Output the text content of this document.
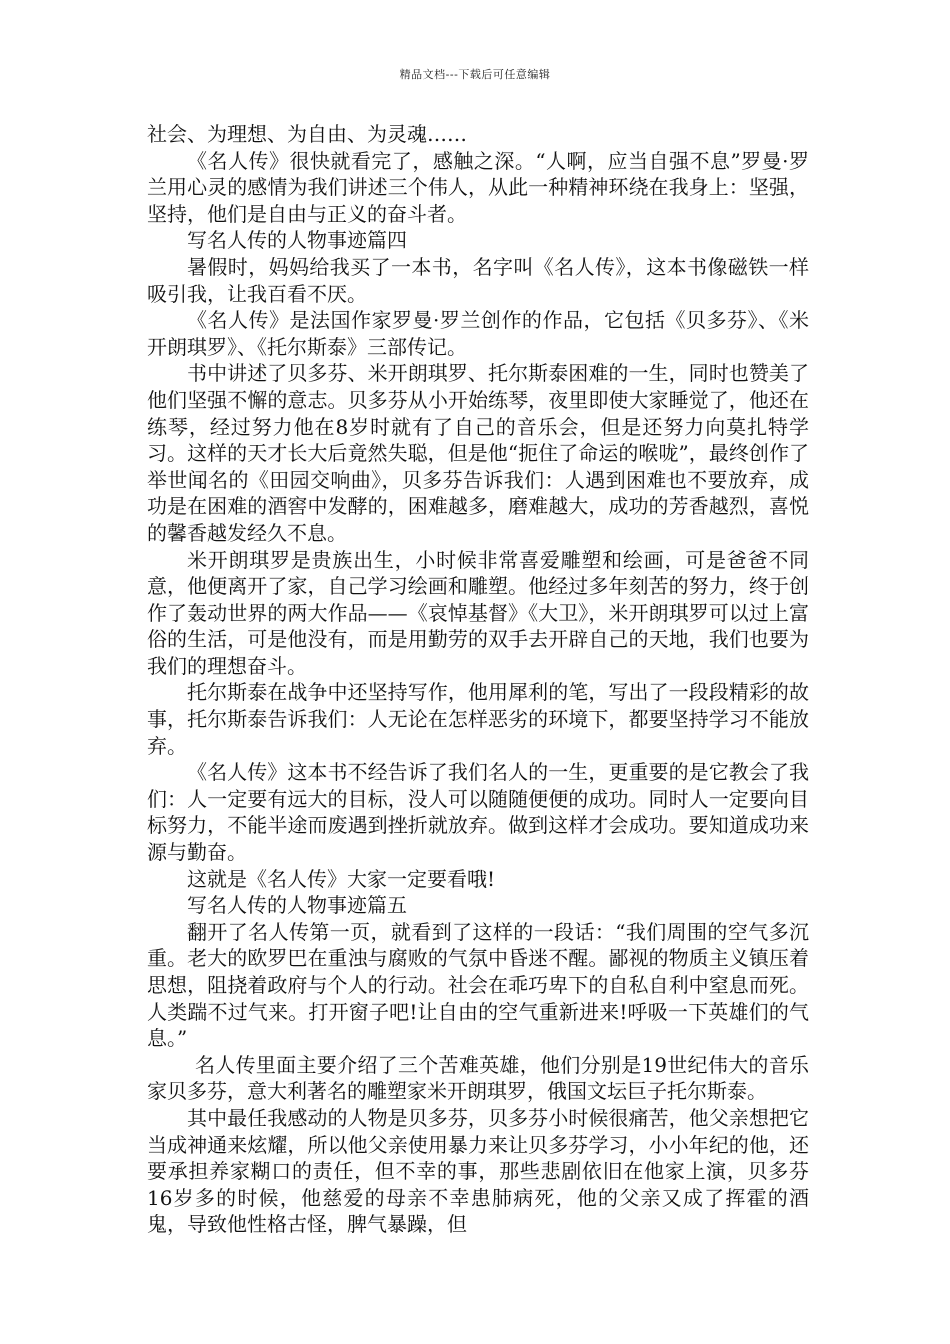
精品文档---下载后可任意编辑

社会、为理想、为自由、为灵魂……

《名人传》很快就看完了，感触之深。“人啊，应当自强不息”罗曼·罗兰用心灵的感情为我们讲述三个伟人，从此一种精神环绕在我身上：坚强，坚持，他们是自由与正义的奋斗者。

写名人传的人物事迹篇四

暑假时，妈妈给我买了一本书，名字叫《名人传》，这本书像磁铁一样吸引我，让我百看不厌。

《名人传》是法国作家罗曼·罗兰创作的作品，它包括《贝多芬》、《米开朗琪罗》、《托尔斯泰》三部传记。

书中讲述了贝多芬、米开朗琪罗、托尔斯泰困难的一生，同时也赞美了他们坚强不懈的意志。贝多芬从小开始练琴，夜里即使大家睡觉了，他还在练琴，经过努力他在8岁时就有了自己的音乐会，但是还努力向莫扎特学习。这样的天才长大后竟然失聪，但是他“扼住了命运的喉咙”，最终创作了举世闻名的《田园交响曲》，贝多芬告诉我们：人遇到困难也不要放弃，成功是在困难的酒窖中发酵的，困难越多，磨难越大，成功的芳香越烈，喜悦的馨香越发经久不息。

米开朗琪罗是贵族出生，小时候非常喜爱雕塑和绘画，可是爸爸不同意，他便离开了家，自己学习绘画和雕塑。他经过多年刻苦的努力，终于创作了轰动世界的两大作品——《哀悼基督》《大卫》，米开朗琪罗可以过上富俗的生活，可是他没有，而是用勤劳的双手去开辟自己的天地，我们也要为我们的理想奋斗。

托尔斯泰在战争中还坚持写作，他用犀利的笔，写出了一段段精彩的故事，托尔斯泰告诉我们：人无论在怎样恶劣的环境下，都要坚持学习不能放弃。

《名人传》这本书不经告诉了我们名人的一生，更重要的是它教会了我们：人一定要有远大的目标，没人可以随随便便的成功。同时人一定要向目标努力，不能半途而废遇到挫折就放弃。做到这样才会成功。要知道成功来源与勤奋。

这就是《名人传》大家一定要看哦!

写名人传的人物事迹篇五

翻开了名人传第一页，就看到了这样的一段话：“我们周围的空气多沉重。老大的欧罗巴在重浊与腐败的气氛中昏迷不醒。鄙视的物质主义镇压着思想，阻挠着政府与个人的行动。社会在乖巧卑下的自私自利中窒息而死。人类踹不过气来。打开窗子吧!让自由的空气重新进来!呼吸一下英雄们的气息。”

名人传里面主要介绍了三个苦难英雄，他们分别是19世纪伟大的音乐家贝多芬，意大利著名的雕塑家米开朗琪罗，俄国文坛巨子托尔斯泰。

其中最任我感动的人物是贝多芬，贝多芬小时候很痛苦，他父亲想把它当成神通来炫耀，所以他父亲使用暴力来让贝多芬学习，小小年纪的他，还要承担养家糊口的责任，但不幸的事，那些悲剧依旧在他家上演，贝多芬16岁多的时候，他慈爱的母亲不幸患肺病死，他的父亲又成了挥霍的酒鬼，导致他性格古怪，脾气暴躁，但
